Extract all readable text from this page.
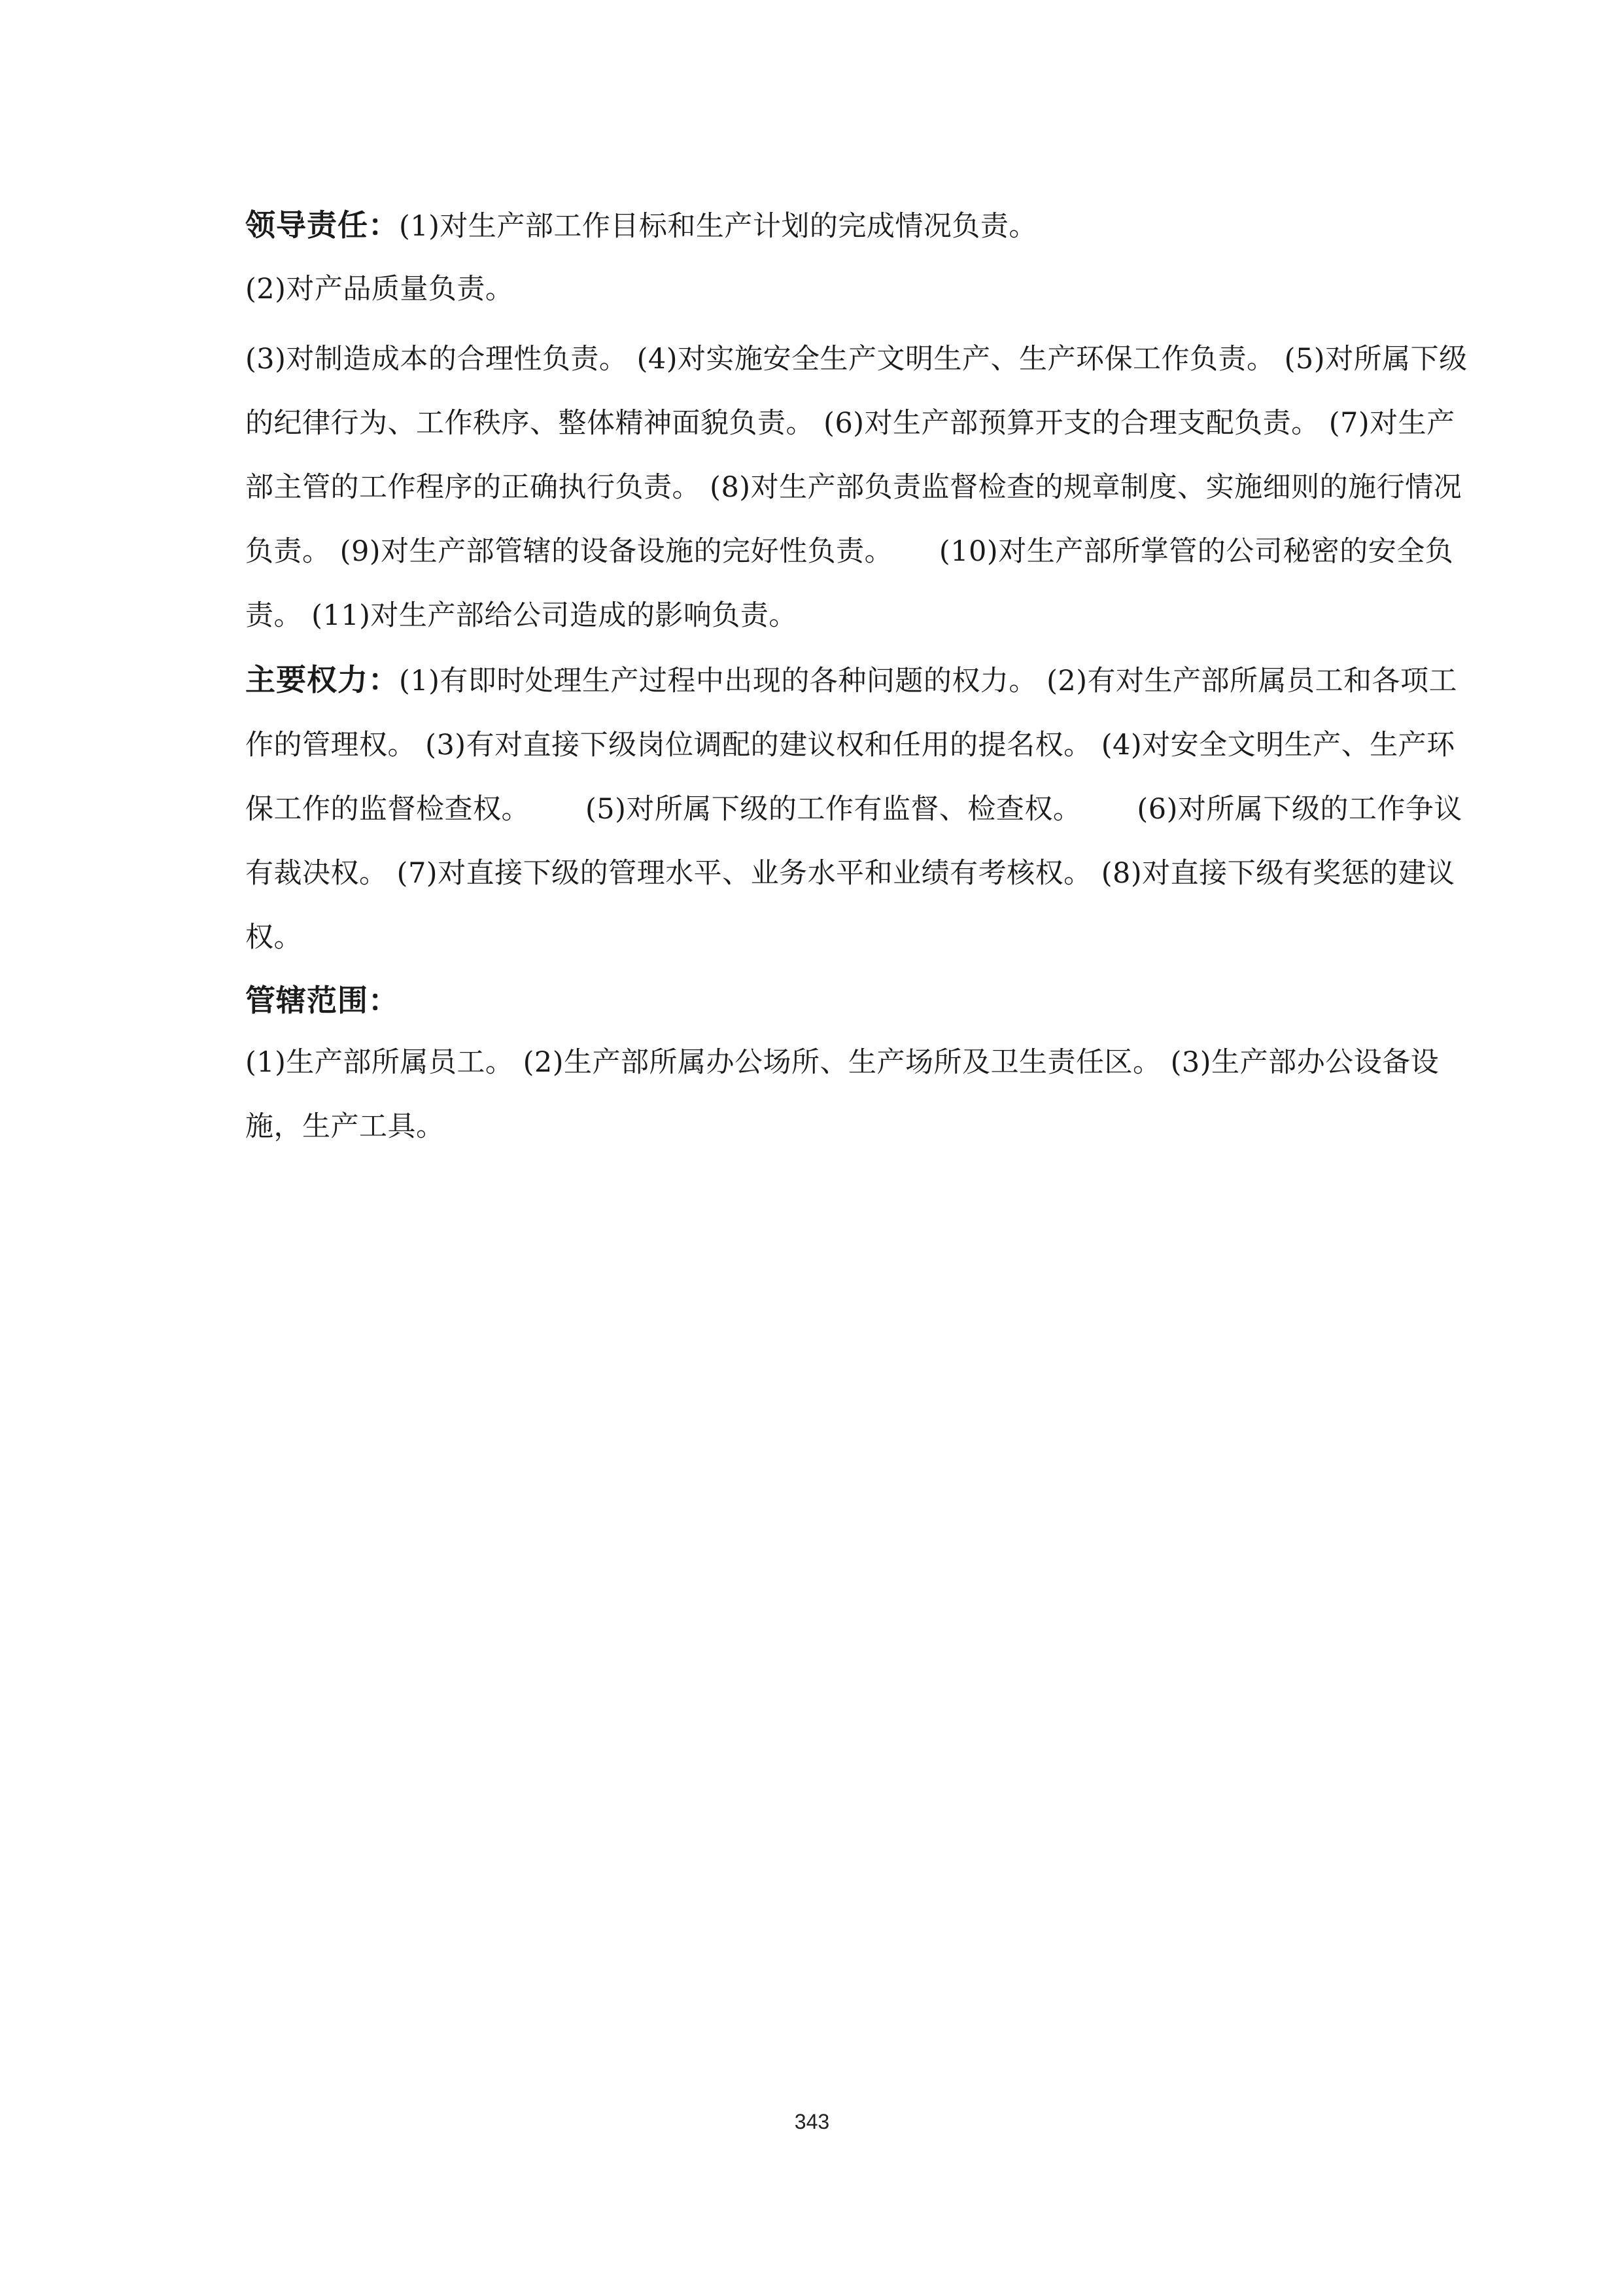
领导责任：(1)对生产部工作目标和生产计划的完成情况负责。
(2)对产品质量负责。
(3)对制造成本的合理性负责。 (4)对实施安全生产文明生产、生产环保工作负责。 (5)对所属下级的纪律行为、工作秩序、整体精神面貌负责。 (6)对生产部预算开支的合理支配负责。 (7)对生产部主管的工作程序的正确执行负责。 (8)对生产部负责监督检查的规章制度、实施细则的施行情况负责。 (9)对生产部管辖的设备设施的完好性负责。     (10)对生产部所掌管的公司秘密的安全负责。 (11)对生产部给公司造成的影响负责。
主要权力：(1)有即时处理生产过程中出现的各种问题的权力。 (2)有对生产部所属员工和各项工作的管理权。 (3)有对直接下级岗位调配的建议权和任用的提名权。 (4)对安全文明生产、生产环保工作的监督检查权。      (5)对所属下级的工作有监督、检查权。      (6)对所属下级的工作争议有裁决权。 (7)对直接下级的管理水平、业务水平和业绩有考核权。 (8)对直接下级有奖惩的建议权。
管辖范围：
(1)生产部所属员工。 (2)生产部所属办公场所、生产场所及卫生责任区。 (3)生产部办公设备设施，生产工具。
343
